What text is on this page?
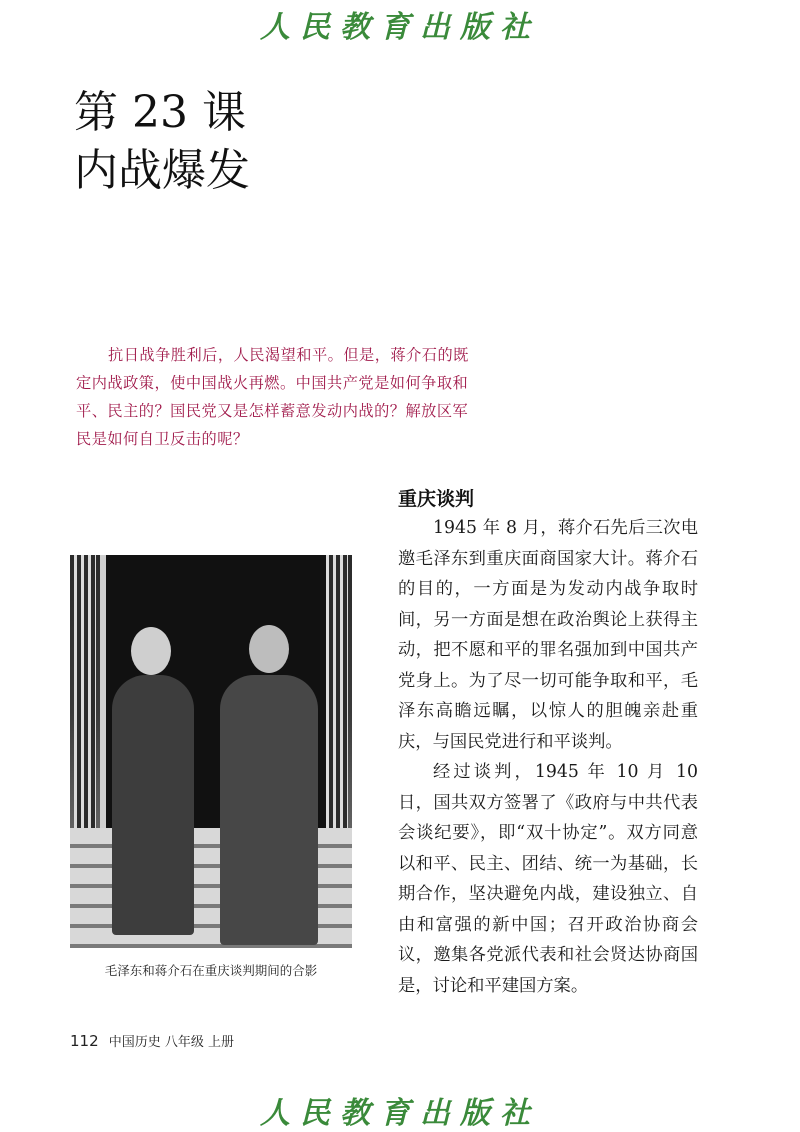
人民教育出版社
第 23 课
内战爆发
抗日战争胜利后，人民渴望和平。但是，蒋介石的既定内战政策，使中国战火再燃。中国共产党是如何争取和平、民主的？国民党又是怎样蓄意发动内战的？解放区军民是如何自卫反击的呢？
重庆谈判

1945 年 8 月，蒋介石先后三次电邀毛泽东到重庆面商国家大计。蒋介石的目的，一方面是为发动内战争取时间，另一方面是想在政治舆论上获得主动，把不愿和平的罪名强加到中国共产党身上。为了尽一切可能争取和平，毛泽东高瞻远瞩，以惊人的胆魄亲赴重庆，与国民党进行和平谈判。

经过谈判，1945 年 10 月 10 日，国共双方签署了《政府与中共代表会谈纪要》，即“双十协定”。双方同意以和平、民主、团结、统一为基础，长期合作，坚决避免内战，建设独立、自由和富强的新中国；召开政治协商会议，邀集各党派代表和社会贤达协商国是，讨论和平建国方案。

毛泽东和蒋介石在重庆谈判期间的合影
112 中国历史 八年级 上册
人民教育出版社
